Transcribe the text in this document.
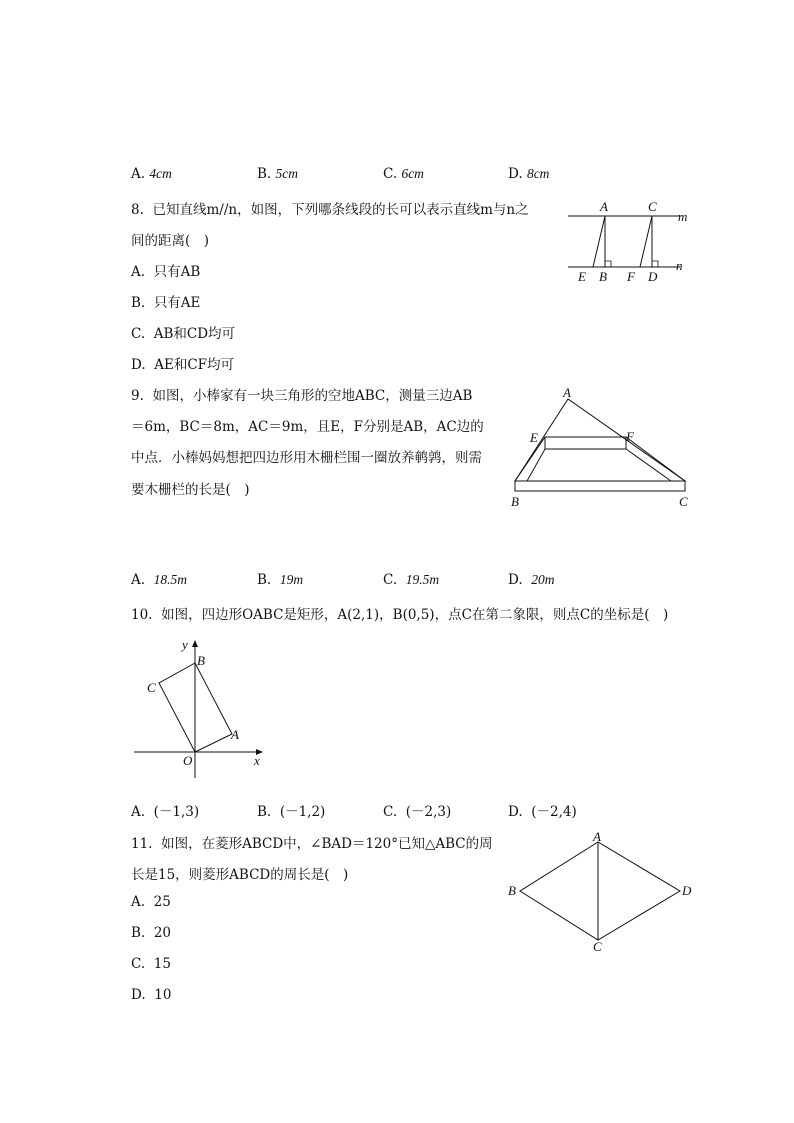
A. 4cm	B. 5cm	C. 6cm	D. 8cm
8. 已知直线m//n，如图，下列哪条线段的长可以表示直线m与n之
间的距离(　)
A. 只有AB
B. 只有AE
C. AB和CD均可
D. AE和CF均可
A	C
m
n
E B F D
9. 如图，小棒家有一块三角形的空地ABC，测量三边AB
＝6m，BC＝8m，AC＝9m，且E，F分别是AB，AC边的
中点．小棒妈妈想把四边形用木栅栏围一圈放养鹌鹑，则需
要木栅栏的长是(　)
A
E	F
B	C
A. 18.5m	B. 19m	C. 19.5m	D. 20m
10. 如图，四边形OABC是矩形，A(2,1)，B(0,5)，点C在第二象限，则点C的坐标是(　)
y
B
C
A
O	x
A. (－1,3)	B. (－1,2)	C. (－2,3)	D. (－2,4)
11. 如图，在菱形ABCD中，∠BAD＝120°已知△ABC的周
长是15，则菱形ABCD的周长是(　)
A. 25
B. 20
C. 15
D. 10
A
B
C
D
